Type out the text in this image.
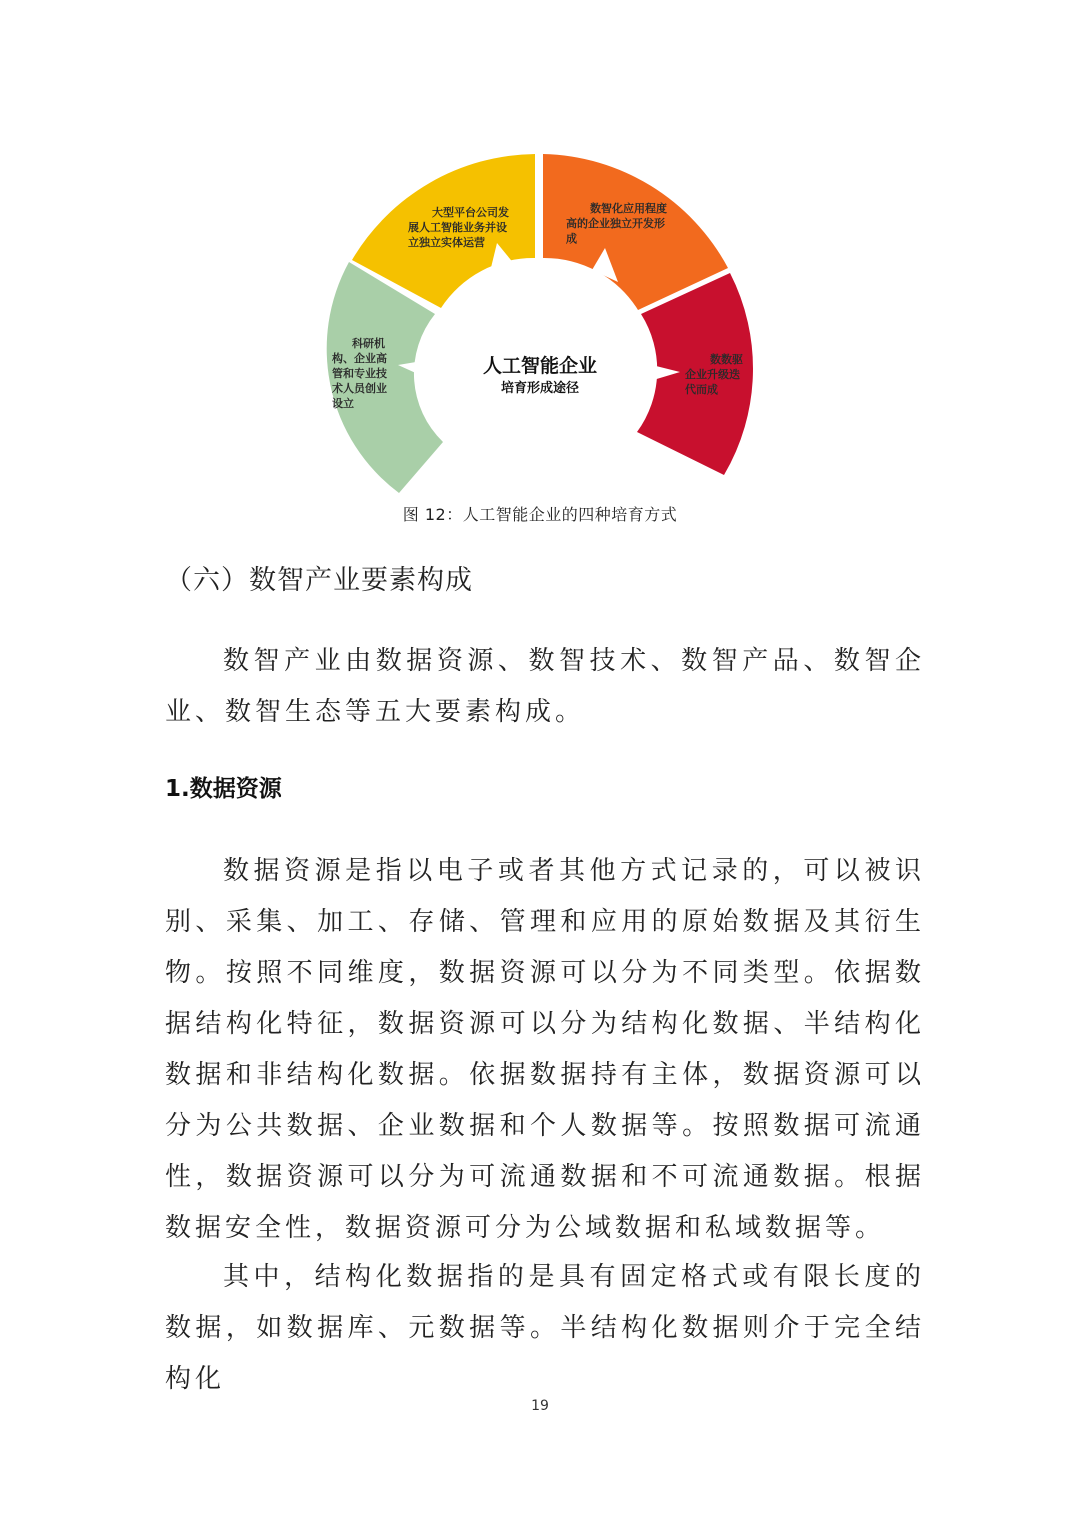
科研机 构、企业高 管和专业技 术人员创业 设立
大型平台公司发 展人工智能业务并设 立独立实体运营
数智化应用程度 高的企业独立开发形 成
数数驱 企业升级迭 代而成
人工智能企业
培育形成途径
图 12：人工智能企业的四种培育方式
（六）数智产业要素构成

数智产业由数据资源、数智技术、数智产品、数智企业、数智生态等五大要素构成。

1.数据资源

数据资源是指以电子或者其他方式记录的，可以被识别、采集、加工、存储、管理和应用的原始数据及其衍生物。按照不同维度，数据资源可以分为不同类型。依据数据结构化特征，数据资源可以分为结构化数据、半结构化数据和非结构化数据。依据数据持有主体，数据资源可以分为公共数据、企业数据和个人数据等。按照数据可流通性，数据资源可以分为可流通数据和不可流通数据。根据数据安全性，数据资源可分为公域数据和私域数据等。

其中，结构化数据指的是具有固定格式或有限长度的数据，如数据库、元数据等。半结构化数据则介于完全结构化

19
